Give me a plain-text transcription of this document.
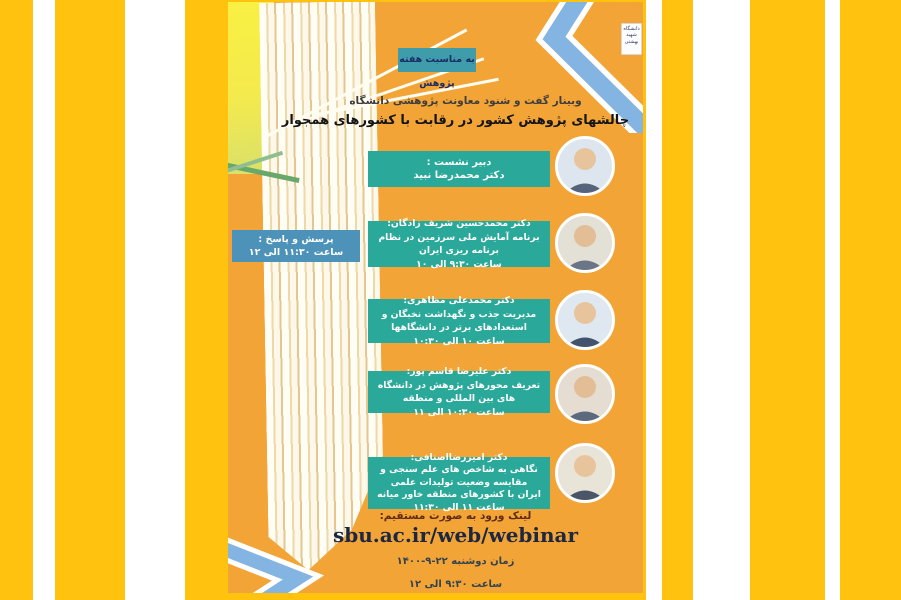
دانشگاه
شهید
بهشتی
به مناسبت هفته پژوهش
وبینار گفت و شنود معاونت پژوهشی دانشگاه
چالشهای پژوهش کشور در رقابت با کشورهای همجوار
پرسش و پاسخ :
ساعت ۱۱:۳۰ الی ۱۲
دبیر نشست :
دکتر محمدرضا نبید
دکتر محمدحسین شریف زادگان:
برنامه آمایش ملی سرزمین در نظام برنامه ریزی ایران
ساعت ۹:۳۰ الی ۱۰
دکتر محمدعلی مظاهری:
مدیریت جذب و نگهداشت نخبگان و استعدادهای برتر در دانشگاهها
ساعت ۱۰ الی ۱۰:۳۰
دکتر علیرضا قاسم پور:
تعریف محورهای پژوهش در دانشگاه های بین المللی و منطقه
ساعت ۱۰:۳۰ الی ۱۱
دکتر امیررضااصنافی:
نگاهی به شاخص های علم سنجی و مقایسه وضعیت تولیدات علمی
ایران با کشورهای منطقه خاور میانه
ساعت ۱۱ الی ۱۱:۳۰
لینک ورود به صورت مستقیم:
sbu.ac.ir/web/webinar
زمان دوشنبه ۲۲-۹-۱۴۰۰
ساعت ۹:۳۰ الی ۱۲
